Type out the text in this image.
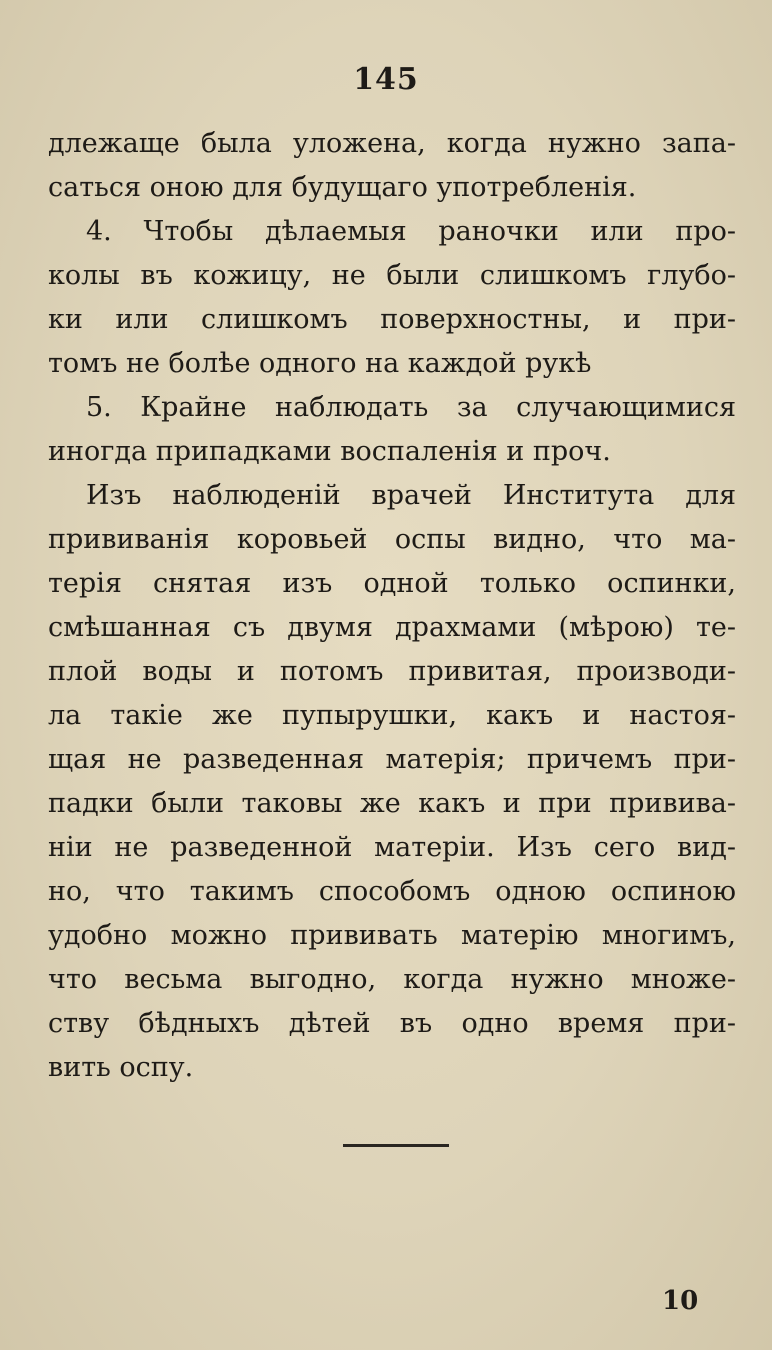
145
длежаще была уложена, когда нужно запа-
саться оною для будущаго употребленія.
4. Чтобы дѣлаемыя раночки или про-
колы въ кожицу, не были слишкомъ глубо-
ки или слишкомъ поверхностны, и при-
томъ не болѣе одного на каждой рукѣ
5. Крайне наблюдать за случающимися
иногда припадками воспаленія и проч.
Изъ наблюденій врачей Института для
прививанія коровьей оспы видно, что ма-
терія снятая изъ одной только оспинки,
смѣшанная съ двумя драхмами (мѣрою) те-
плой воды и потомъ привитая, производи-
ла такіе же пупырушки, какъ и настоя-
щая не разведенная матерія; причемъ при-
падки были таковы же какъ и при привива-
ніи не разведенной матеріи. Изъ сего вид-
но, что такимъ способомъ одною оспиною
удобно можно прививать матерію многимъ,
что весьма выгодно, когда нужно множе-
ству бѣдныхъ дѣтей въ одно время при-
вить оспу.
10
